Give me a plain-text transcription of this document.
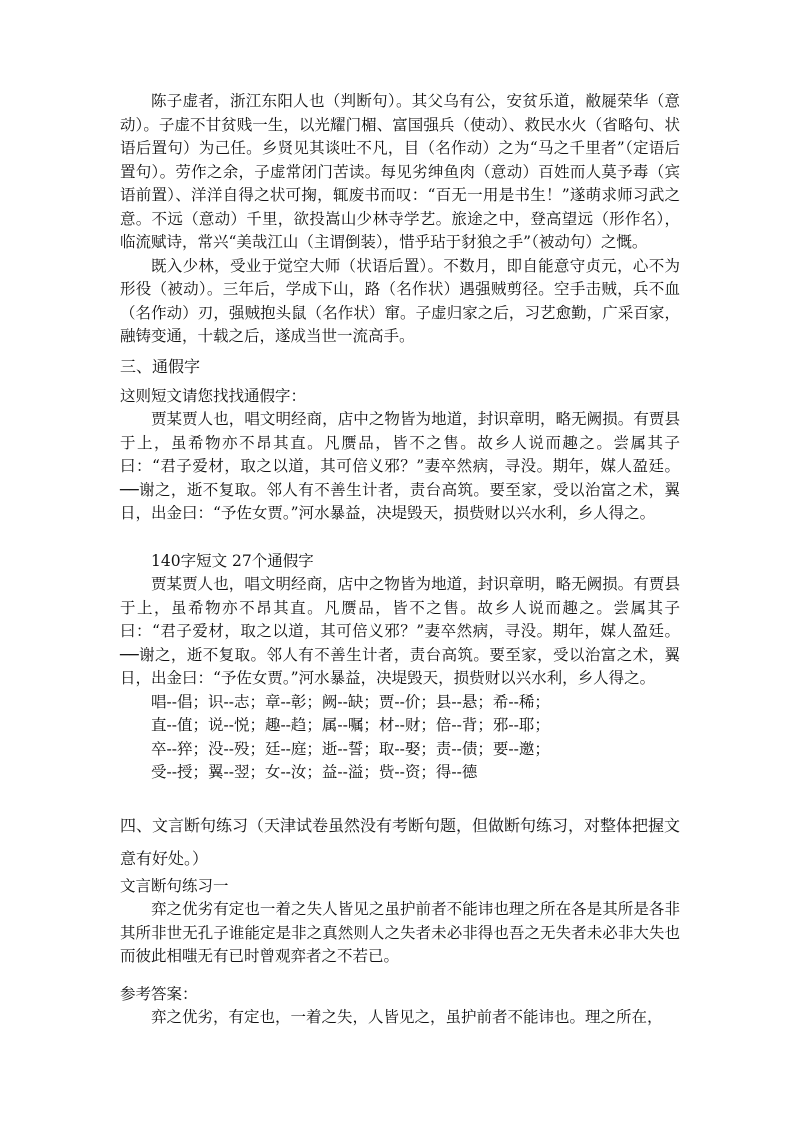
陈子虚者，浙江东阳人也（判断句）。其父乌有公，安贫乐道，敝屣荣华（意动）。子虚不甘贫贱一生，以光耀门楣、富国强兵（使动）、救民水火（省略句、状语后置句）为己任。乡贤见其谈吐不凡，目（名作动）之为“马之千里者”（定语后置句）。劳作之余，子虚常闭门苦读。每见劣绅鱼肉（意动）百姓而人莫予毒（宾语前置）、洋洋自得之状可掬，辄废书而叹：“百无一用是书生！”遂萌求师习武之意。不远（意动）千里，欲投嵩山少林寺学艺。旅途之中，登高望远（形作名），临流赋诗，常兴“美哉江山（主谓倒装），惜乎玷于豺狼之手”（被动句）之慨。

既入少林，受业于觉空大师（状语后置）。不数月，即自能意守贞元，心不为形役（被动）。三年后，学成下山，路（名作状）遇强贼剪径。空手击贼，兵不血（名作动）刃，强贼抱头鼠（名作状）窜。子虚归家之后，习艺愈勤，广采百家，融铸变通，十载之后，遂成当世一流高手。

三、通假字

这则短文请您找找通假字：

贾某贾人也，唱文明经商，店中之物皆为地道，封识章明，略无阙损。有贾县于上，虽希物亦不昂其直。凡赝品，皆不之售。故乡人说而趣之。尝属其子曰：“君子爱材，取之以道，其可倍义邪？”妻卒然病，寻没。期年，媒人盈廷。──谢之，逝不复取。邻人有不善生计者，责台高筑。要至家，受以治富之术，翼日，出金曰：“予佐女贾。”河水暴益，决堤毁天，损赀财以兴水利，乡人得之。

140字短文 27个通假字

贾某贾人也，唱文明经商，店中之物皆为地道，封识章明，略无阙损。有贾县于上，虽希物亦不昂其直。凡赝品，皆不之售。故乡人说而趣之。尝属其子曰：“君子爱材，取之以道，其可倍义邪？”妻卒然病，寻没。期年，媒人盈廷。──谢之，逝不复取。邻人有不善生计者，责台高筑。要至家，受以治富之术，翼日，出金曰：“予佐女贾。”河水暴益，决堤毁天，损赀财以兴水利，乡人得之。

唱--倡；识--志；章--彰；阙--缺；贾--价；县--悬；希--稀；

直--值；说--悦；趣--趋；属--嘱；材--财；倍--背；邪--耶；

卒--猝；没--殁；廷--庭；逝--誓；取--娶；责--债；要--邀；

受--授；翼--翌；女--汝；益--溢；赀--资；得--德

四、文言断句练习（天津试卷虽然没有考断句题，但做断句练习，对整体把握文意有好处。）

文言断句练习一

弈之优劣有定也一着之失人皆见之虽护前者不能讳也理之所在各是其所是各非其所非世无孔子谁能定是非之真然则人之失者未必非得也吾之无失者未必非大失也而彼此相嗤无有已时曾观弈者之不若已。

参考答案：

弈之优劣，有定也，一着之失，人皆见之，虽护前者不能讳也。理之所在，
